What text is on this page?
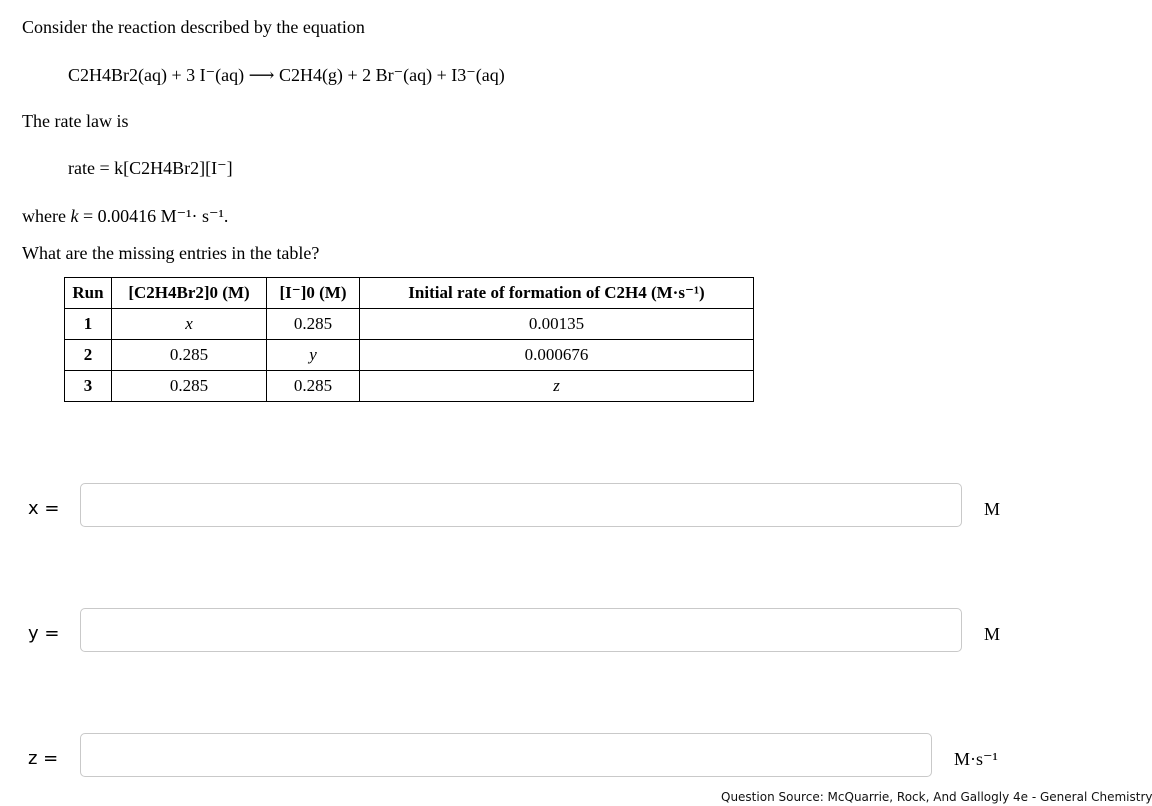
Consider the reaction described by the equation
C2H4Br2(aq) + 3 I⁻(aq) ⟶ C2H4(g) + 2 Br⁻(aq) + I3⁻(aq)
The rate law is
rate = k[C2H4Br2][I⁻]
where k = 0.00416 M⁻¹· s⁻¹.
What are the missing entries in the table?
Run	[C2H4Br2]0 (M)	[I⁻]0 (M)	Initial rate of formation of C2H4 (M·s⁻¹)
1	x	0.285	0.00135
2	0.285	y	0.000676
3	0.285	0.285	z
x =	M
y =	M
z =	M·s⁻¹
Question Source: McQuarrie, Rock, And Gallogly 4e - General Chemistry
